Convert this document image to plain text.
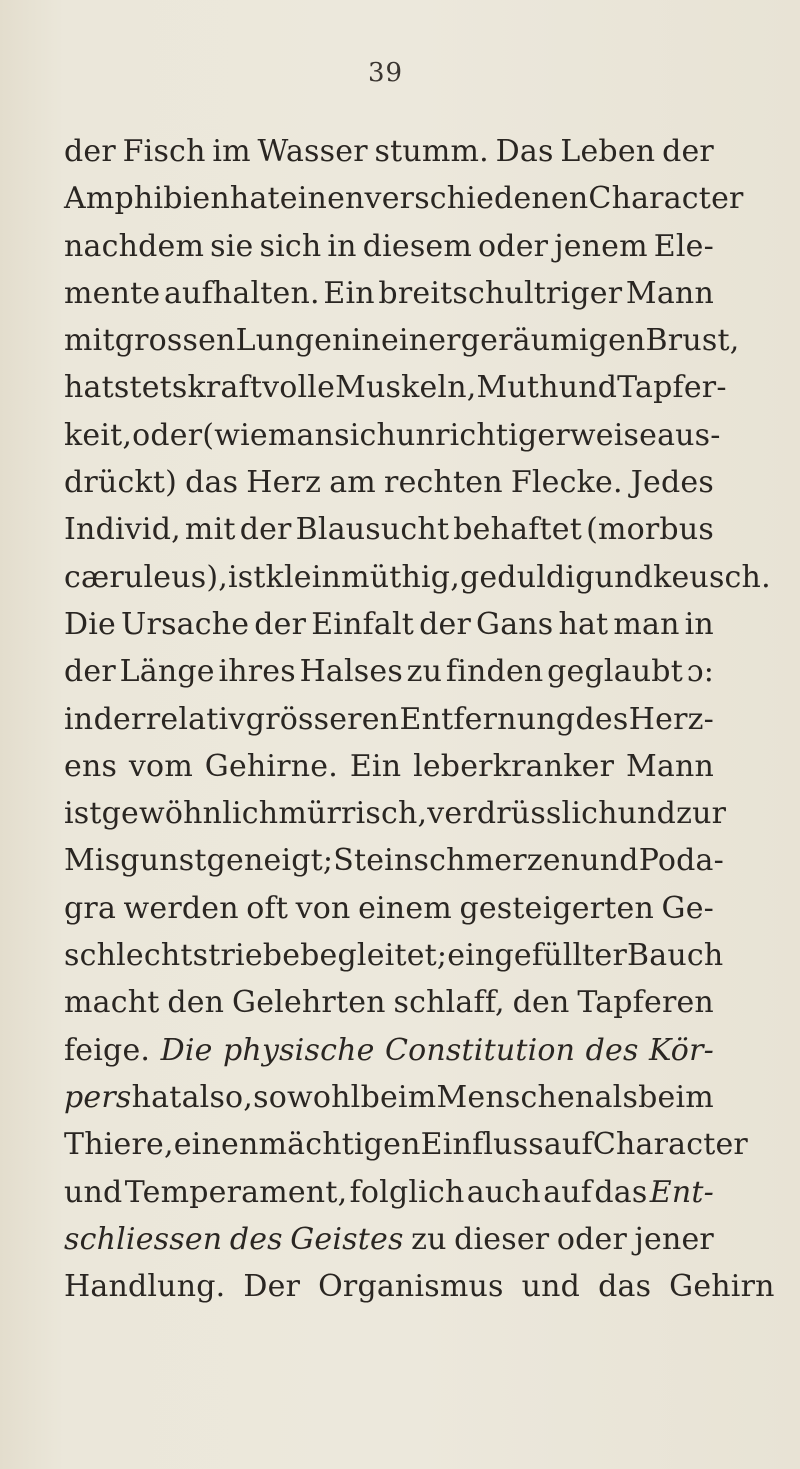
39
der Fisch im Wasser stumm. Das Leben der
Amphibien hat einen verschiedenen Character
nachdem sie sich in diesem oder jenem Ele-
mente aufhalten. Ein breitschultriger Mann
mit grossen Lungen in einer geräumigen Brust,
hat stets kraftvolle Muskeln, Muth und Tapfer-
keit, oder (wie man sich unrichtigerweise aus-
drückt) das Herz am rechten Flecke. Jedes
Individ, mit der Blausucht behaftet (morbus
cæruleus), ist kleinmüthig, geduldig und keusch.
Die Ursache der Einfalt der Gans hat man in
der Länge ihres Halses zu finden geglaubt ɔ:
in der relativ grösseren Entfernung des Herz-
ens vom Gehirne. Ein leberkranker Mann
ist gewöhnlich mürrisch, verdrüsslich und zur
Misgunst geneigt; Steinschmerzen und Poda-
gra werden oft von einem gesteigerten Ge-
schlechtstriebe begleitet; ein gefüllter Bauch
macht den Gelehrten schlaff, den Tapferen
feige. Die physische Constitution des Kör-
pers hat also, sowohl beim Menschen als beim
Thiere, einen mächtigen Einfluss auf Character
und Temperament, folglich auch auf das Ent-
schliessen des Geistes zu dieser oder jener
Handlung. Der Organismus und das Gehirn
